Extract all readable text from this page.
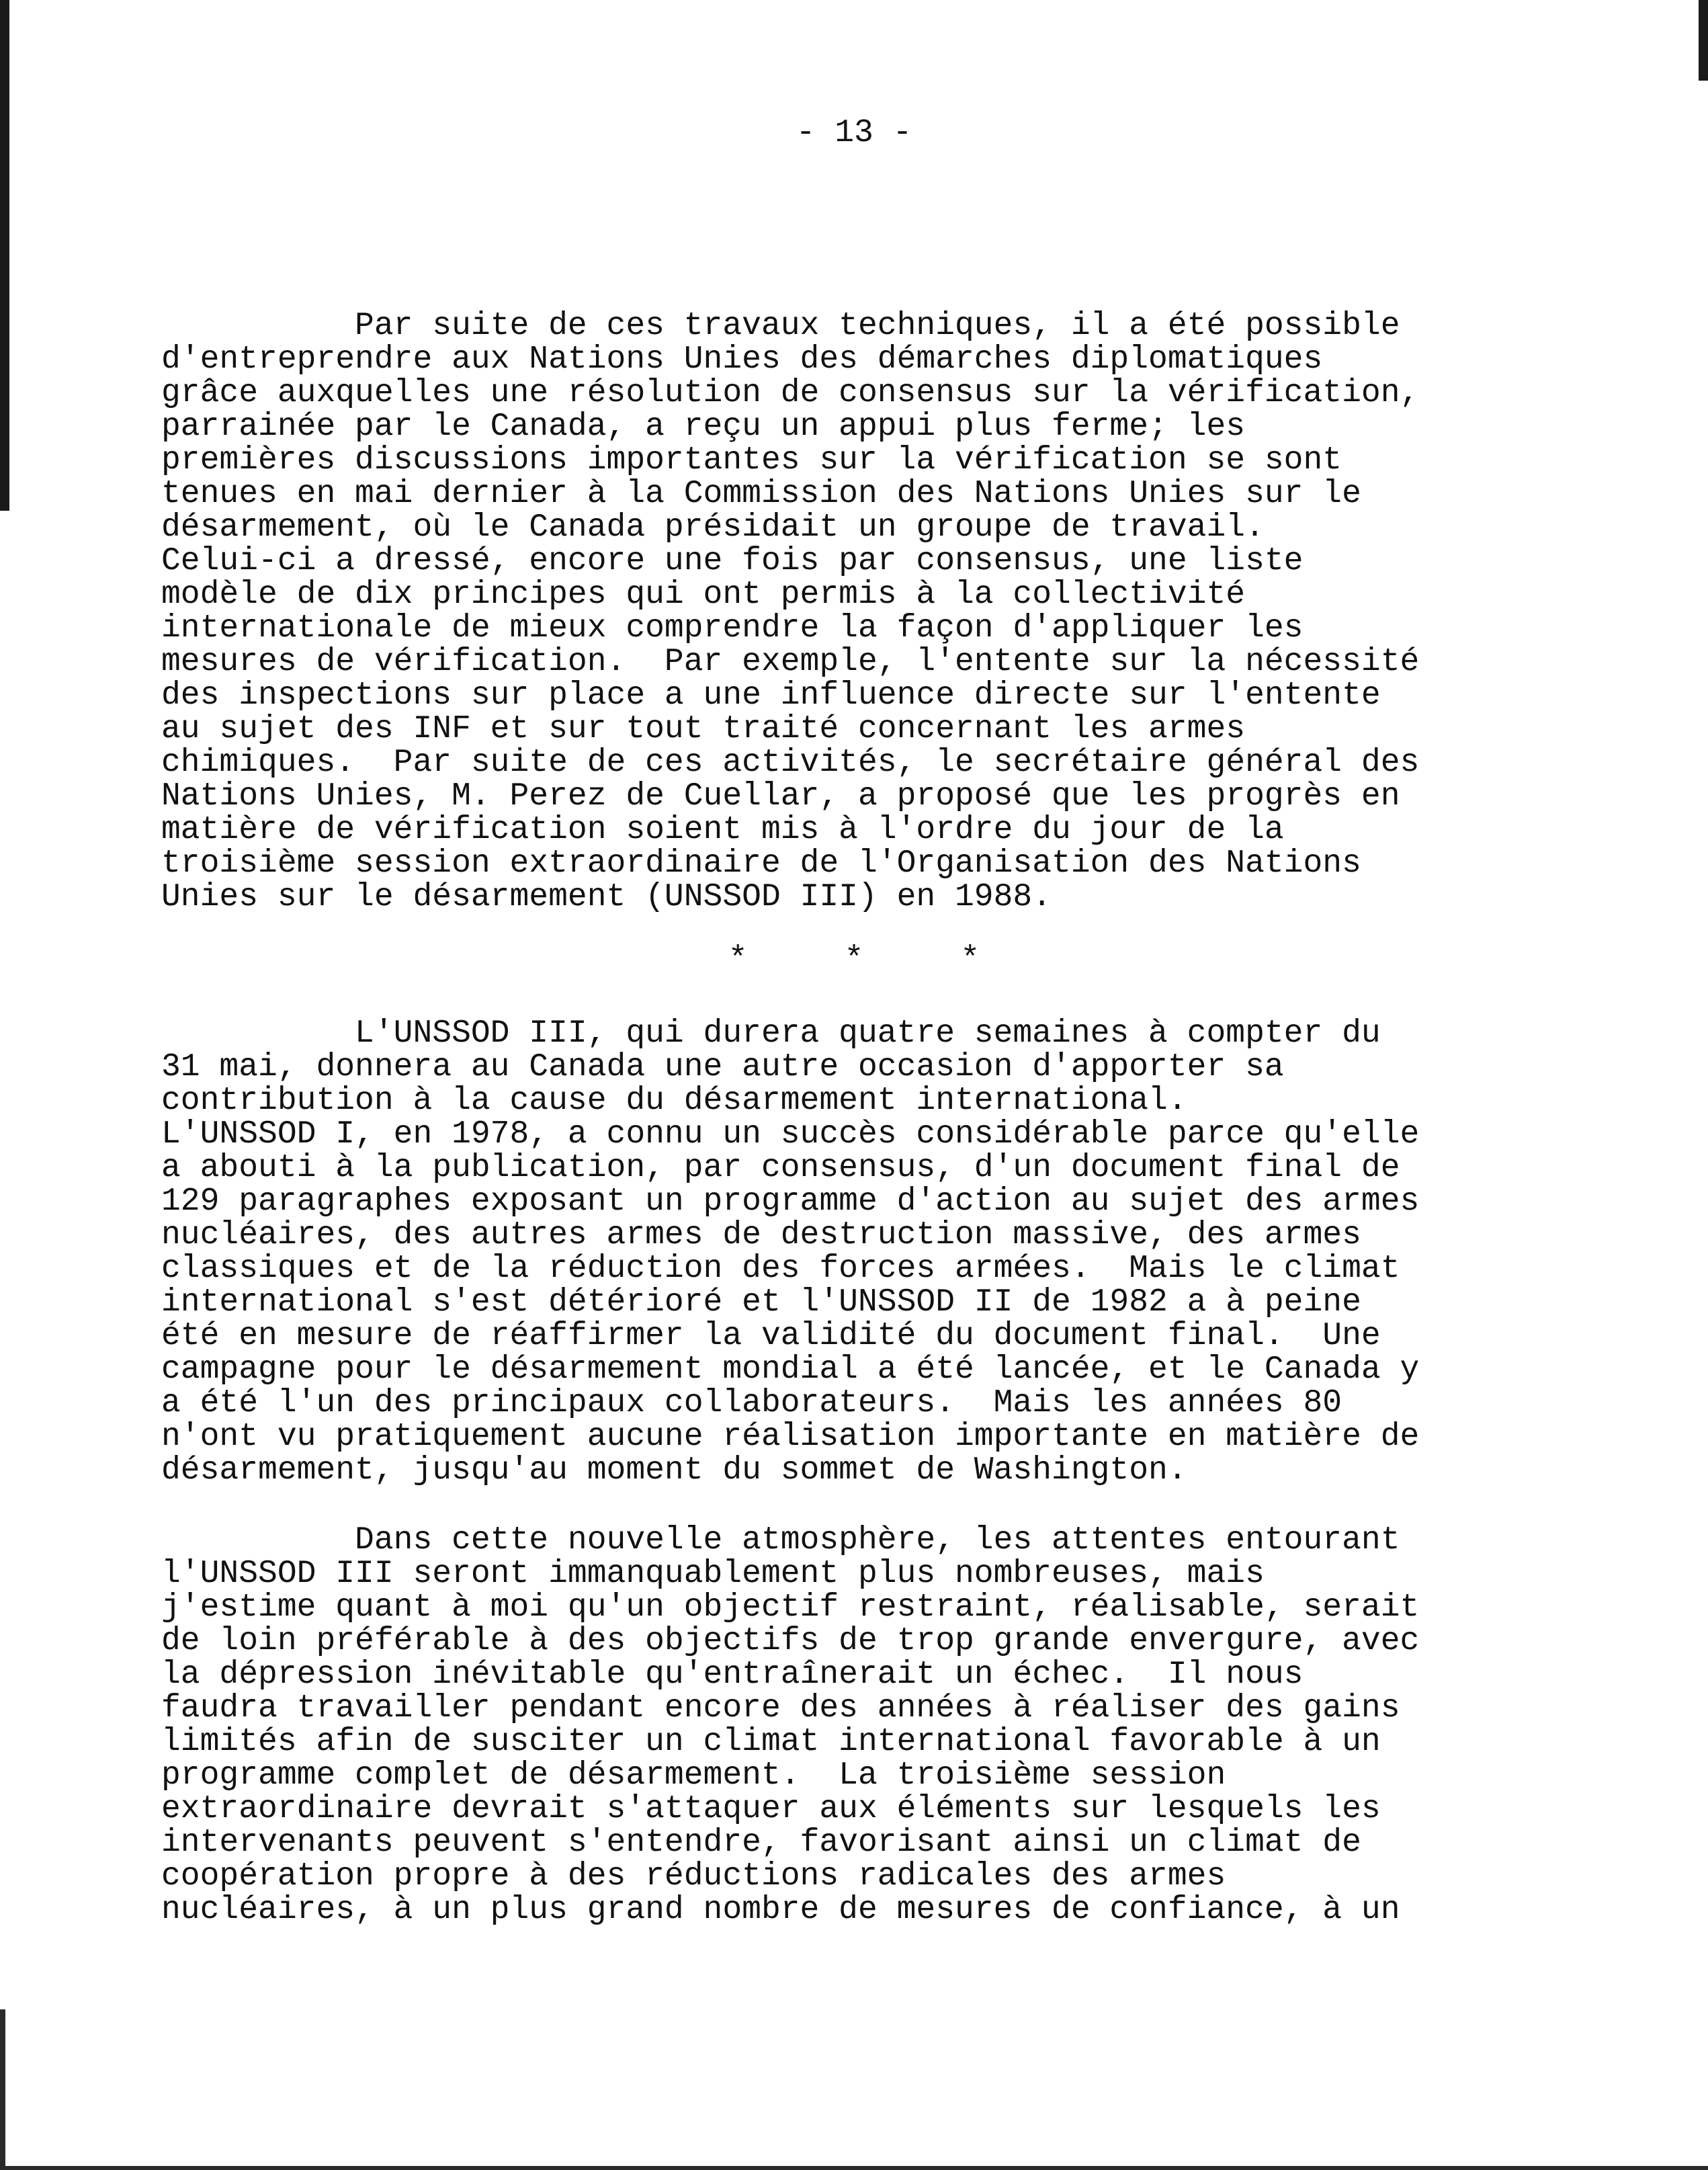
- 13 -
Par suite de ces travaux techniques, il a été possible
d'entreprendre aux Nations Unies des démarches diplomatiques
grâce auxquelles une résolution de consensus sur la vérification,
parrainée par le Canada, a reçu un appui plus ferme; les
premières discussions importantes sur la vérification se sont
tenues en mai dernier à la Commission des Nations Unies sur le
désarmement, où le Canada présidait un groupe de travail.
Celui-ci a dressé, encore une fois par consensus, une liste
modèle de dix principes qui ont permis à la collectivité
internationale de mieux comprendre la façon d'appliquer les
mesures de vérification.  Par exemple, l'entente sur la nécessité
des inspections sur place a une influence directe sur l'entente
au sujet des INF et sur tout traité concernant les armes
chimiques.  Par suite de ces activités, le secrétaire général des
Nations Unies, M. Perez de Cuellar, a proposé que les progrès en
matière de vérification soient mis à l'ordre du jour de la
troisième session extraordinaire de l'Organisation des Nations
Unies sur le désarmement (UNSSOD III) en 1988.
*     *     *
L'UNSSOD III, qui durera quatre semaines à compter du
31 mai, donnera au Canada une autre occasion d'apporter sa
contribution à la cause du désarmement international.
L'UNSSOD I, en 1978, a connu un succès considérable parce qu'elle
a abouti à la publication, par consensus, d'un document final de
129 paragraphes exposant un programme d'action au sujet des armes
nucléaires, des autres armes de destruction massive, des armes
classiques et de la réduction des forces armées.  Mais le climat
international s'est détérioré et l'UNSSOD II de 1982 a à peine
été en mesure de réaffirmer la validité du document final.  Une
campagne pour le désarmement mondial a été lancée, et le Canada y
a été l'un des principaux collaborateurs.  Mais les années 80
n'ont vu pratiquement aucune réalisation importante en matière de
désarmement, jusqu'au moment du sommet de Washington.
Dans cette nouvelle atmosphère, les attentes entourant
l'UNSSOD III seront immanquablement plus nombreuses, mais
j'estime quant à moi qu'un objectif restraint, réalisable, serait
de loin préférable à des objectifs de trop grande envergure, avec
la dépression inévitable qu'entraînerait un échec.  Il nous
faudra travailler pendant encore des années à réaliser des gains
limités afin de susciter un climat international favorable à un
programme complet de désarmement.  La troisième session
extraordinaire devrait s'attaquer aux éléments sur lesquels les
intervenants peuvent s'entendre, favorisant ainsi un climat de
coopération propre à des réductions radicales des armes
nucléaires, à un plus grand nombre de mesures de confiance, à un
